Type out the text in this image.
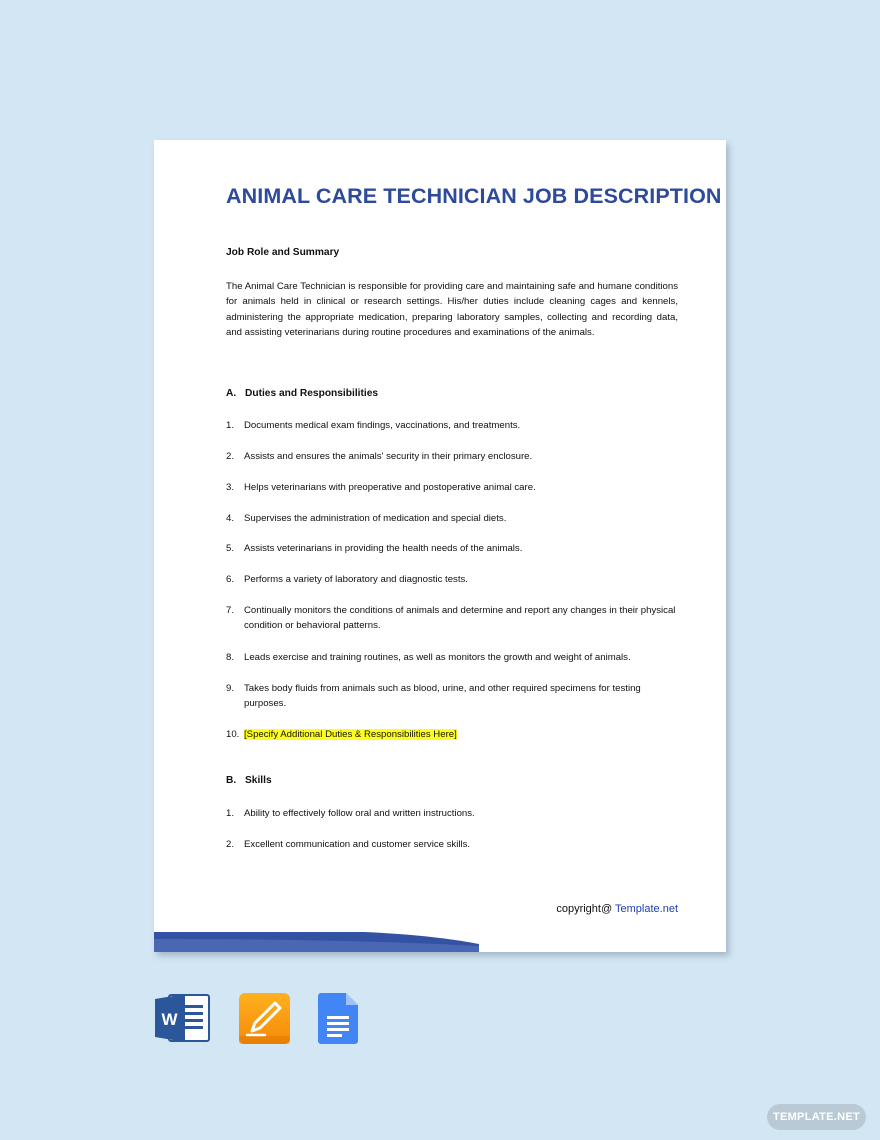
ANIMAL CARE TECHNICIAN JOB DESCRIPTION
Job Role and Summary
The Animal Care Technician is responsible for providing care and maintaining safe and humane conditions for animals held in clinical or research settings. His/her duties include cleaning cages and kennels, administering the appropriate medication, preparing laboratory samples, collecting and recording data, and assisting veterinarians during routine procedures and examinations of the animals.
A. Duties and Responsibilities
1.	Documents medical exam findings, vaccinations, and treatments.
2.	Assists and ensures the animals' security in their primary enclosure.
3.	Helps veterinarians with preoperative and postoperative animal care.
4.	Supervises the administration of medication and special diets.
5.	Assists veterinarians in providing the health needs of the animals.
6.	Performs a variety of laboratory and diagnostic tests.
7.	Continually monitors the conditions of animals and determine and report any changes in their physical condition or behavioral patterns.
8.	Leads exercise and training routines, as well as monitors the growth and weight of animals.
9.	Takes body fluids from animals such as blood, urine, and other required specimens for testing purposes.
10. [Specify Additional Duties & Responsibilities Here]
B. Skills
1.	Ability to effectively follow oral and written instructions.
2.	Excellent communication and customer service skills.
copyright@ Template.net
W
TEMPLATE.NET
